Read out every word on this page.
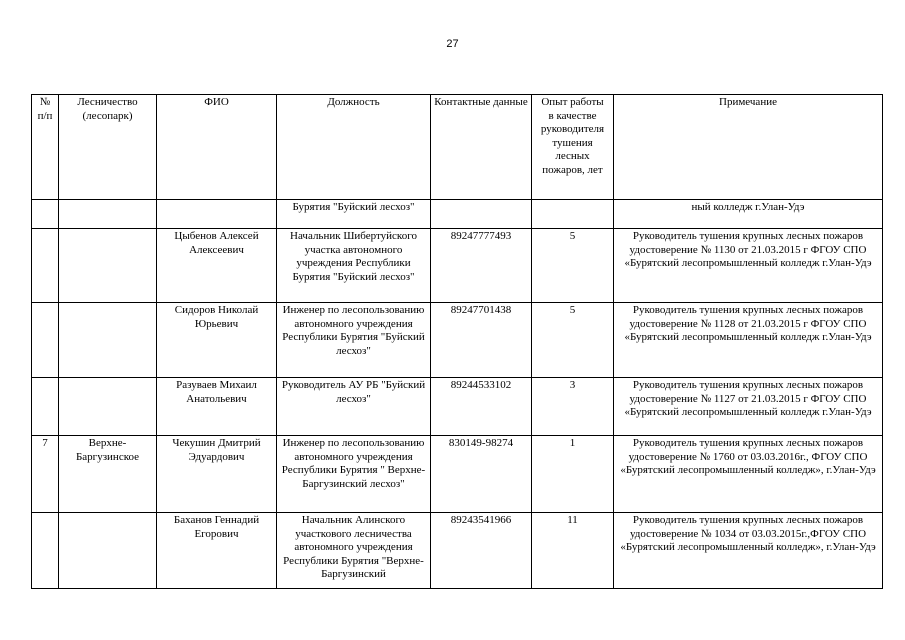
27
№ п/п	Лесничество (лесопарк)	ФИО	Должность	Контактные данные	Опыт работы в качестве руководителя тушения лесных пожаров, лет	Примечание
			Бурятия "Буйский лесхоз"			ный колледж г.Улан-Удэ
		Цыбенов Алексей Алексеевич	Начальник Шибертуйского участка автономного учреждения Республики Бурятия "Буйский лесхоз"	89247777493	5	Руководитель тушения крупных лесных пожаров удостоверение № 1130 от 21.03.2015 г ФГОУ СПО «Бурятский лесопромышленный колледж г.Улан-Удэ
		Сидоров Николай Юрьевич	Инженер по лесопользованию автономного учреждения Республики Бурятия "Буйский лесхоз"	89247701438	5	Руководитель тушения крупных лесных пожаров удостоверение № 1128 от 21.03.2015 г ФГОУ СПО «Бурятский лесопромышленный колледж г.Улан-Удэ
		Разуваев Михаил Анатольевич	Руководитель АУ РБ "Буйский лесхоз"	89244533102	3	Руководитель тушения крупных лесных пожаров удостоверение № 1127 от 21.03.2015 г ФГОУ СПО «Бурятский лесопромышленный колледж г.Улан-Удэ
7	Верхне-Баргузинское	Чекушин Дмитрий Эдуардович	Инженер по лесопользованию автономного учреждения Республики Бурятия " Верхне-Баргузинский лесхоз"	830149-98274	1	Руководитель тушения крупных лесных пожаров удостоверение № 1760 от 03.03.2016г., ФГОУ СПО «Бурятский лесопромышленный колледж», г.Улан-Удэ
		Баханов Геннадий Егорович	Начальник Алинского участкового лесничества автономного учреждения Республики Бурятия "Верхне-Баргузинский	89243541966	11	Руководитель тушения крупных лесных пожаров удостоверение № 1034 от 03.03.2015г.,ФГОУ СПО «Бурятский лесопромышленный колледж», г.Улан-Удэ
